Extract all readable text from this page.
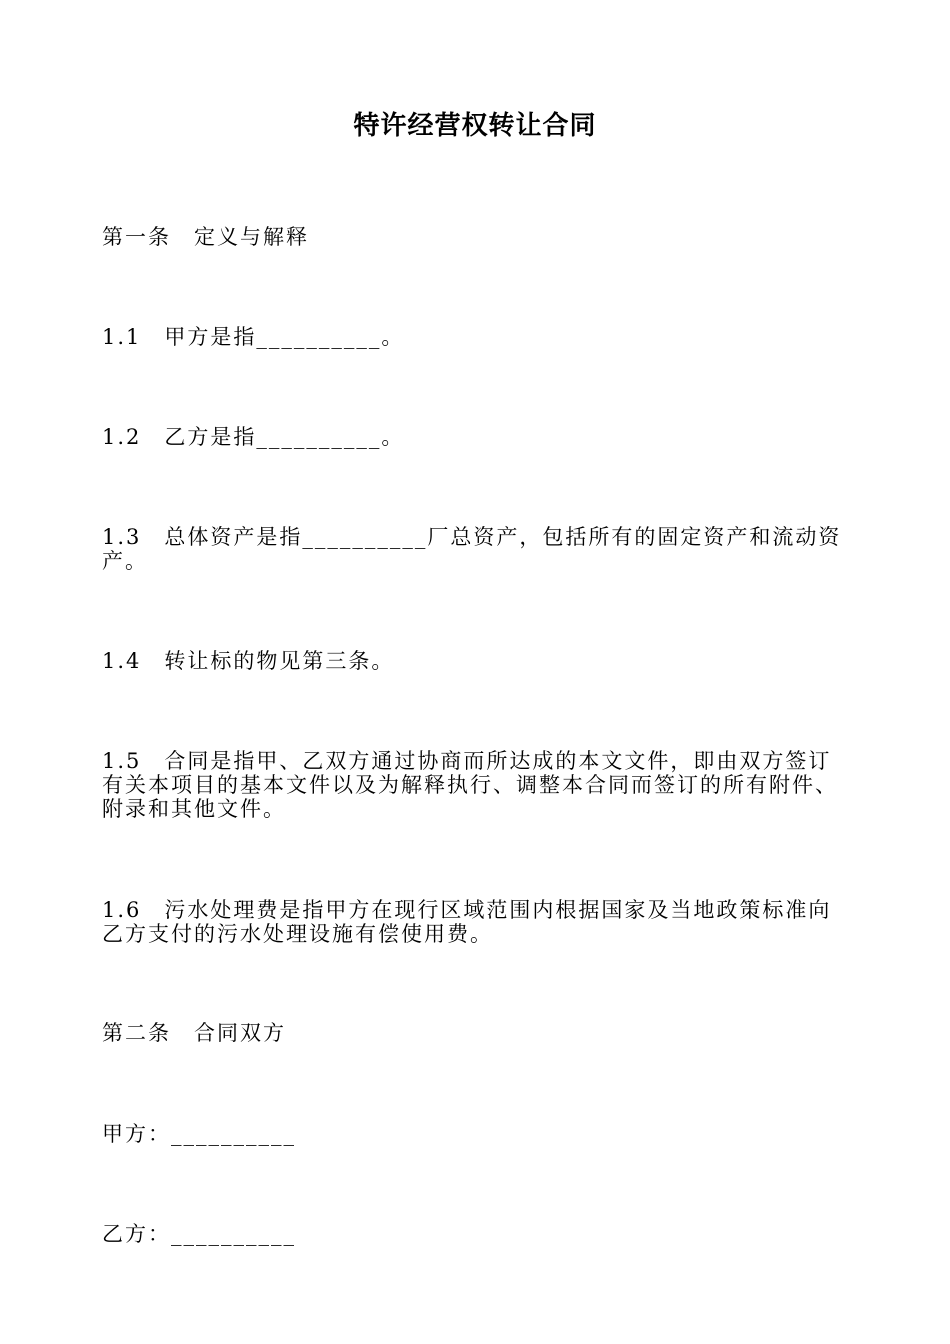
特许经营权转让合同
第一条　定义与解释
1.1　甲方是指__________。
1.2　乙方是指__________。
1.3　总体资产是指__________厂总资产，包括所有的固定资产和流动资产。
1.4　转让标的物见第三条。
1.5　合同是指甲、乙双方通过协商而所达成的本文文件，即由双方签订有关本项目的基本文件以及为解释执行、调整本合同而签订的所有附件、附录和其他文件。
1.6　污水处理费是指甲方在现行区域范围内根据国家及当地政策标准向乙方支付的污水处理设施有偿使用费。
第二条　合同双方
甲方：__________
乙方：__________
